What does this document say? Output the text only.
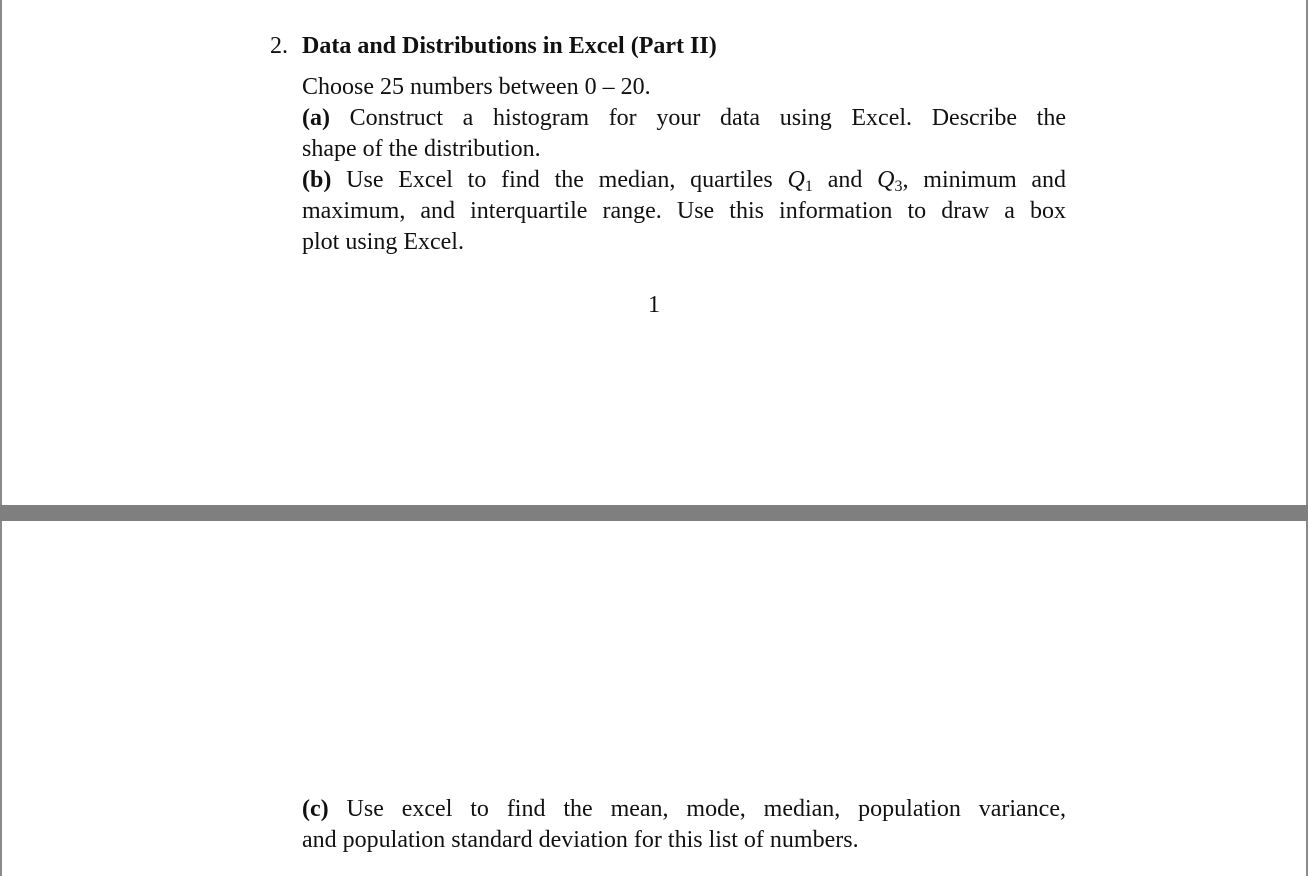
2. Data and Distributions in Excel (Part II)
Choose 25 numbers between 0 – 20.
(a) Construct a histogram for your data using Excel. Describe the
shape of the distribution.
(b) Use Excel to find the median, quartiles $Q_1$ and $Q_3$, minimum and
maximum, and interquartile range. Use this information to draw a box
plot using Excel.
1
(c) Use excel to find the mean, mode, median, population variance,
and population standard deviation for this list of numbers.
